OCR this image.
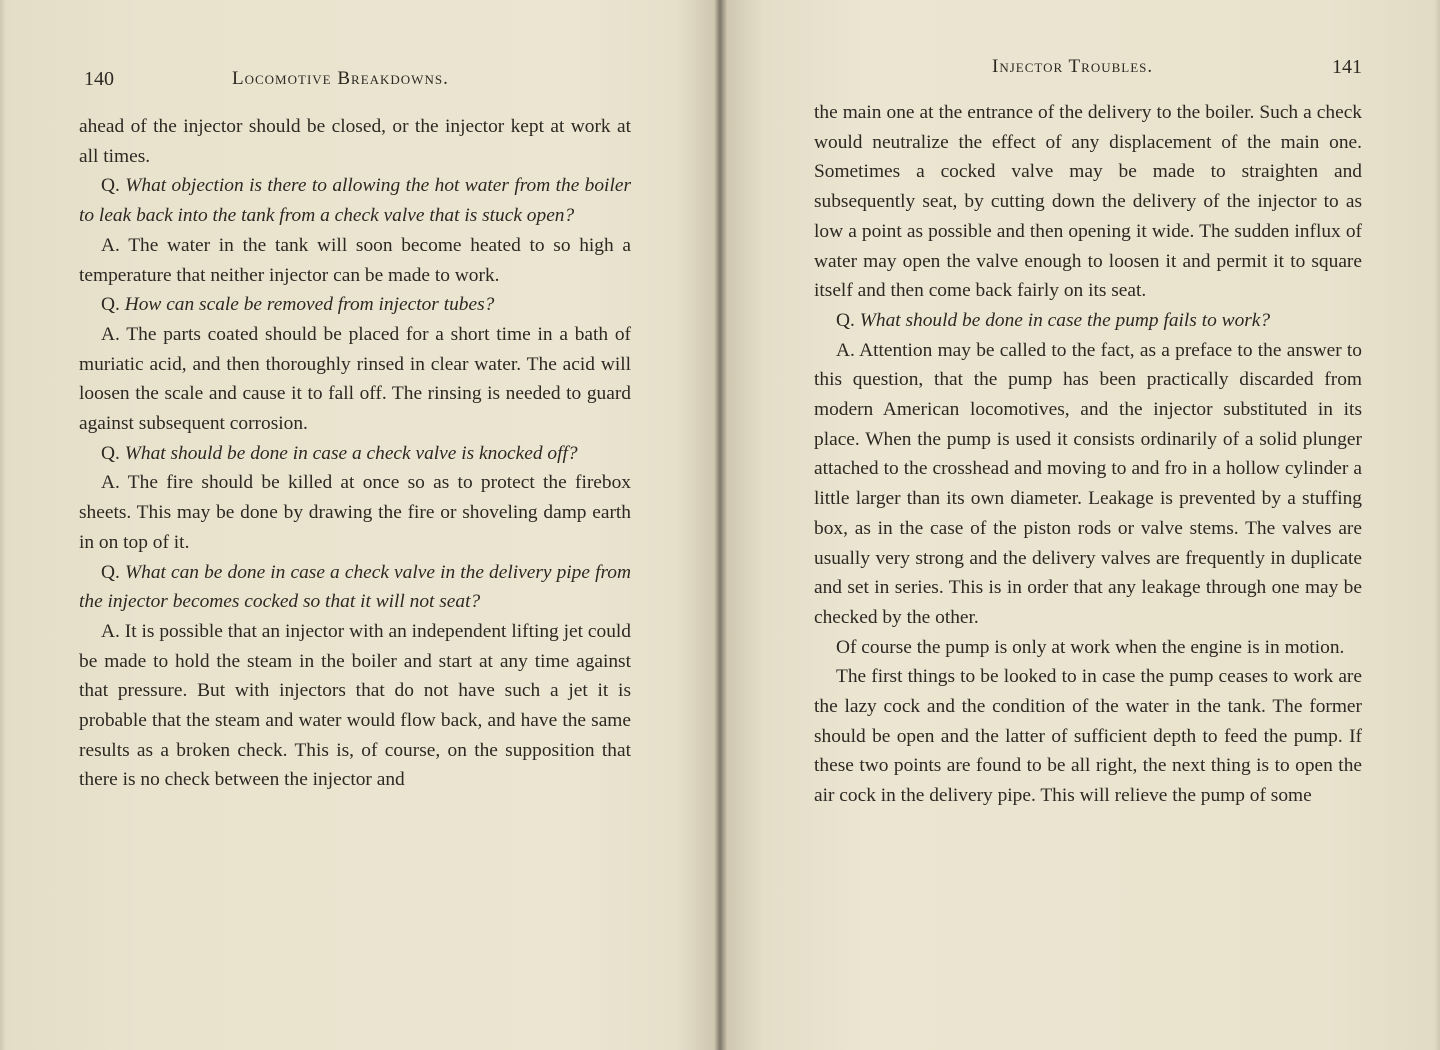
140	Locomotive Breakdowns.

ahead of the injector should be closed, or the injector kept at work at all times.

Q. What objection is there to allowing the hot water from the boiler to leak back into the tank from a check valve that is stuck open?

A. The water in the tank will soon become heated to so high a temperature that neither injector can be made to work.

Q. How can scale be removed from injector tubes?

A. The parts coated should be placed for a short time in a bath of muriatic acid, and then thoroughly rinsed in clear water. The acid will loosen the scale and cause it to fall off. The rinsing is needed to guard against subsequent corrosion.

Q. What should be done in case a check valve is knocked off?

A. The fire should be killed at once so as to protect the firebox sheets. This may be done by drawing the fire or shoveling damp earth in on top of it.

Q. What can be done in case a check valve in the delivery pipe from the injector becomes cocked so that it will not seat?

A. It is possible that an injector with an independent lifting jet could be made to hold the steam in the boiler and start at any time against that pressure. But with injectors that do not have such a jet it is probable that the steam and water would flow back, and have the same results as a broken check. This is, of course, on the supposition that there is no check between the injector and

Injector Troubles.	141

the main one at the entrance of the delivery to the boiler. Such a check would neutralize the effect of any displacement of the main one. Sometimes a cocked valve may be made to straighten and subsequently seat, by cutting down the delivery of the injector to as low a point as possible and then opening it wide. The sudden influx of water may open the valve enough to loosen it and permit it to square itself and then come back fairly on its seat.

Q. What should be done in case the pump fails to work?

A. Attention may be called to the fact, as a preface to the answer to this question, that the pump has been practically discarded from modern American locomotives, and the injector substituted in its place. When the pump is used it consists ordinarily of a solid plunger attached to the crosshead and moving to and fro in a hollow cylinder a little larger than its own diameter. Leakage is prevented by a stuffing box, as in the case of the piston rods or valve stems. The valves are usually very strong and the delivery valves are frequently in duplicate and set in series. This is in order that any leakage through one may be checked by the other.

Of course the pump is only at work when the engine is in motion.

The first things to be looked to in case the pump ceases to work are the lazy cock and the condition of the water in the tank. The former should be open and the latter of sufficient depth to feed the pump. If these two points are found to be all right, the next thing is to open the air cock in the delivery pipe. This will relieve the pump of some
